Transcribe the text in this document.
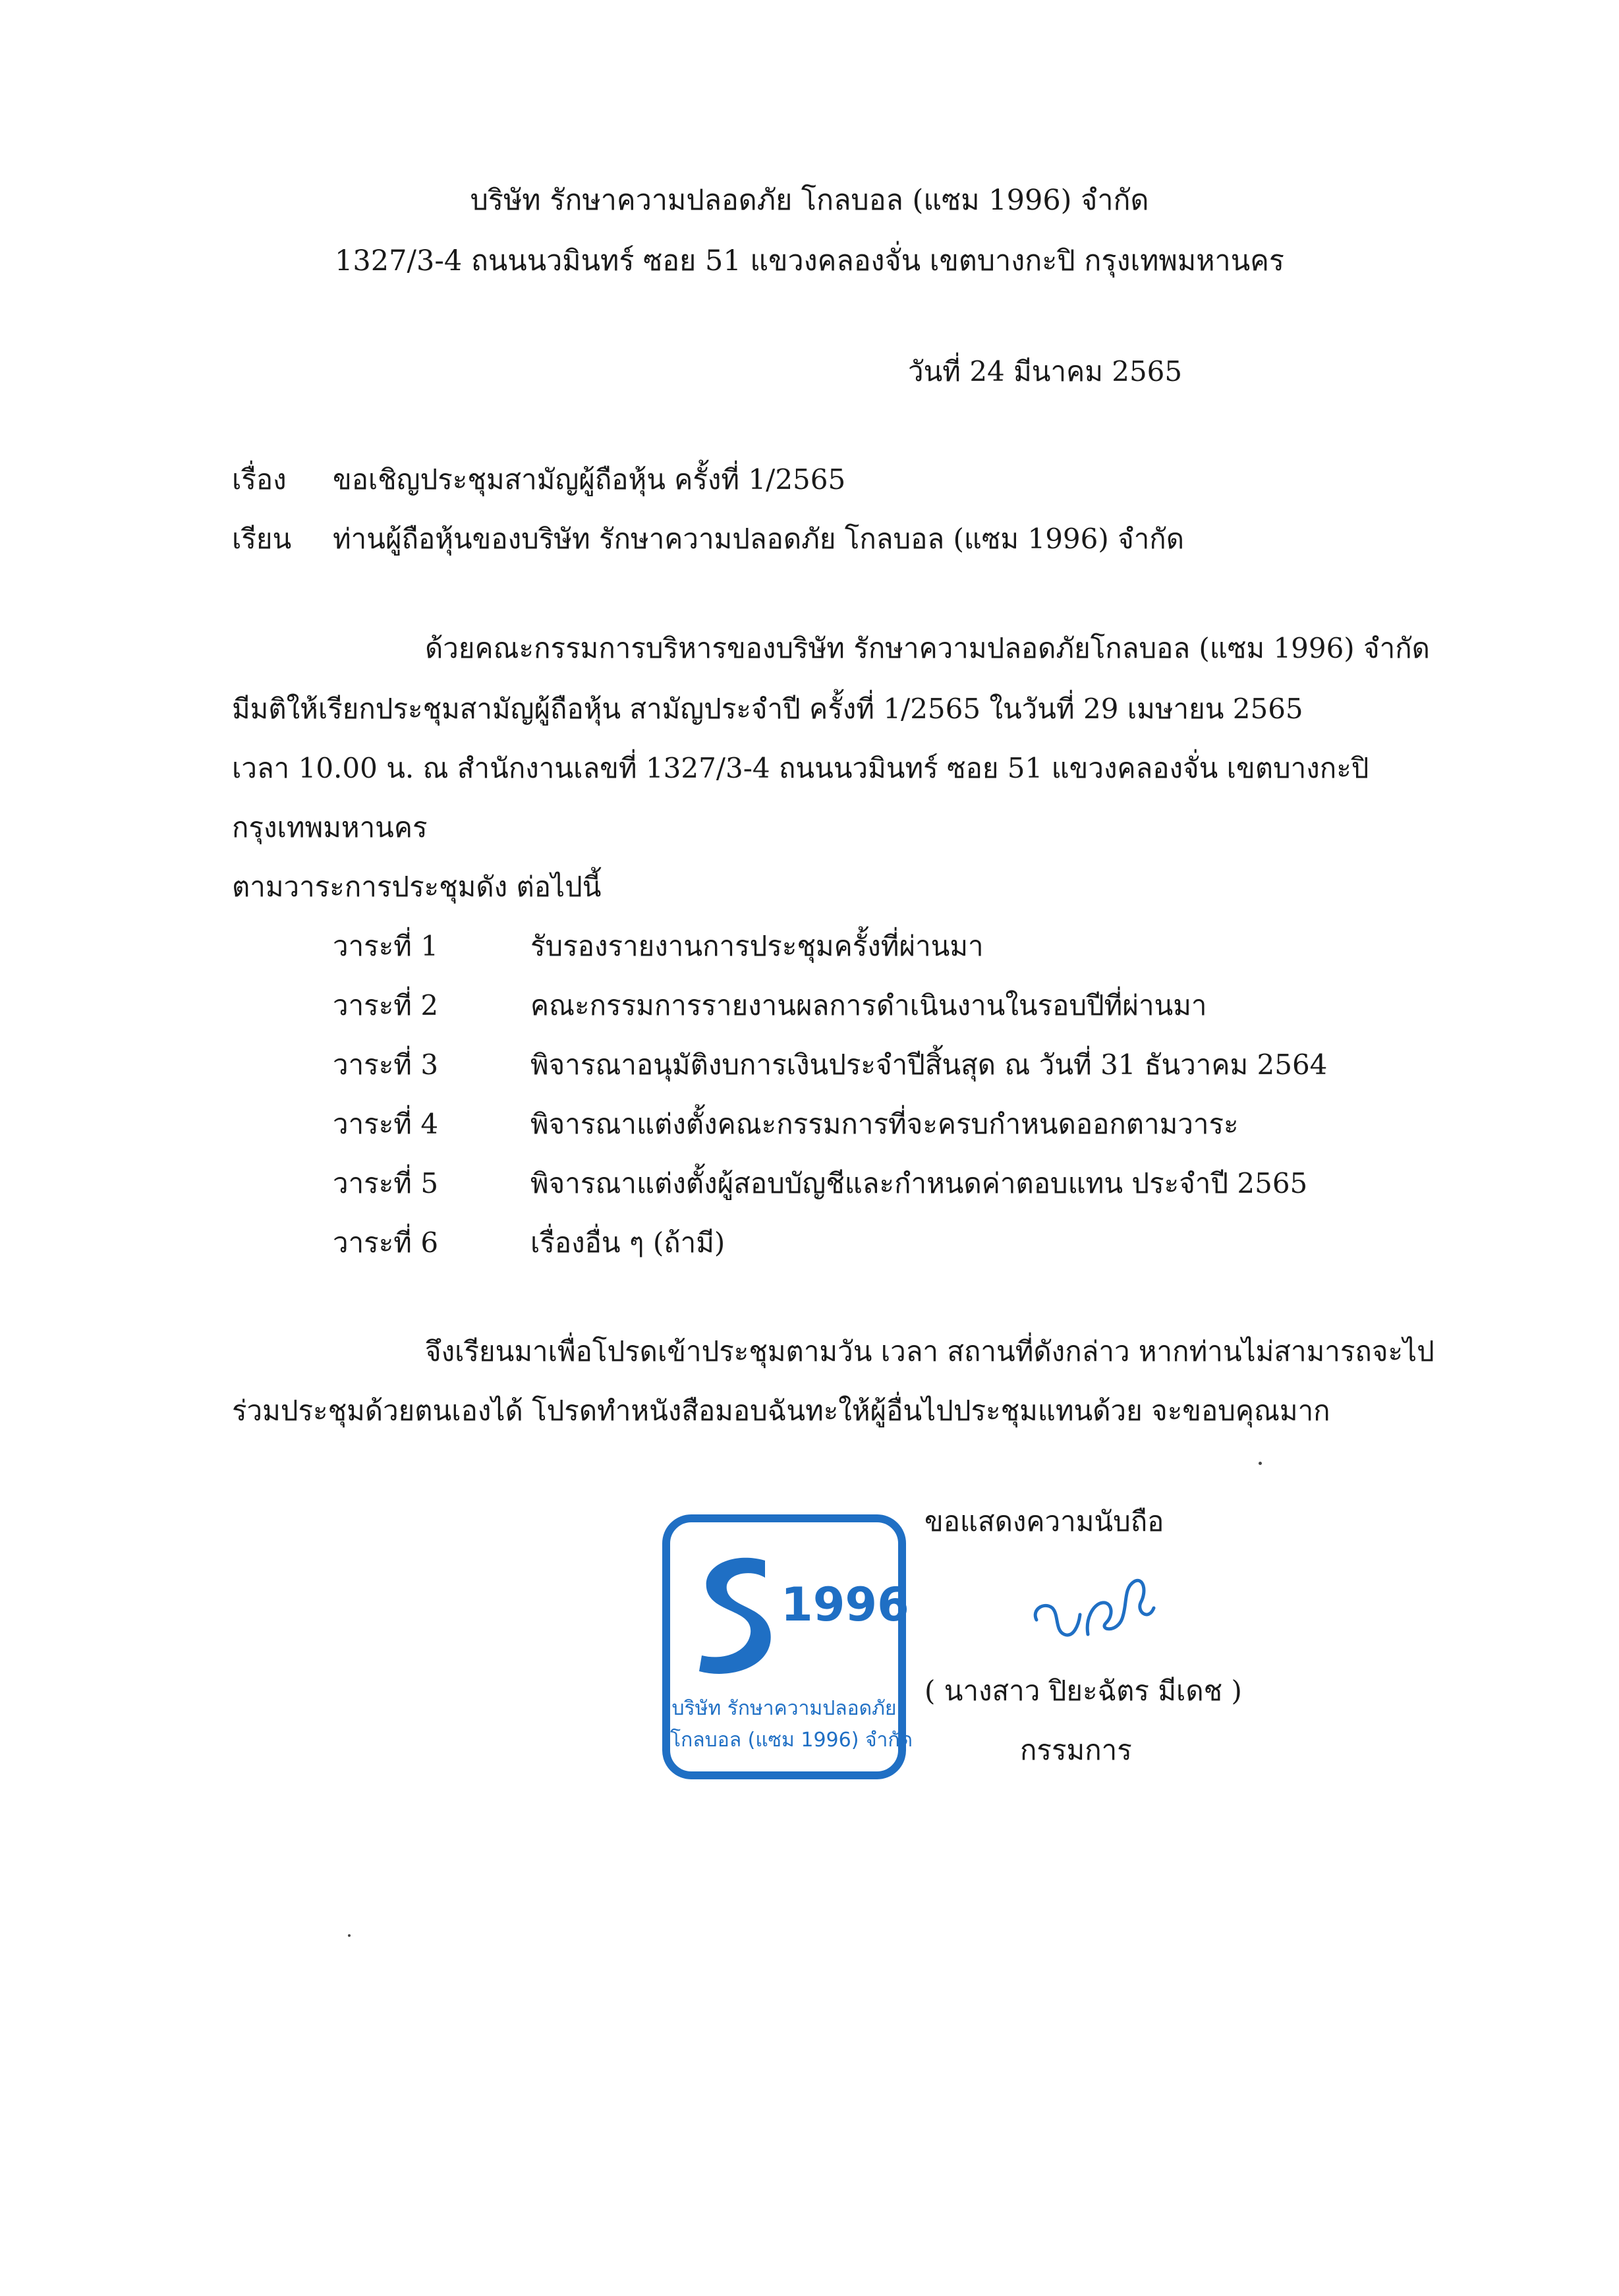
บริษัท รักษาความปลอดภัย โกลบอล (แซม 1996) จำกัด
1327/3-4 ถนนนวมินทร์ ซอย 51 แขวงคลองจั่น เขตบางกะปิ กรุงเทพมหานคร
วันที่ 24 มีนาคม 2565
เรื่อง ขอเชิญประชุมสามัญผู้ถือหุ้น ครั้งที่ 1/2565
เรียน ท่านผู้ถือหุ้นของบริษัท รักษาความปลอดภัย โกลบอล (แซม 1996) จำกัด
ด้วยคณะกรรมการบริหารของบริษัท รักษาความปลอดภัยโกลบอล (แซม 1996) จำกัด
มีมติให้เรียกประชุมสามัญผู้ถือหุ้น สามัญประจำปี ครั้งที่ 1/2565 ในวันที่ 29 เมษายน 2565
เวลา 10.00 น. ณ สำนักงานเลขที่ 1327/3-4 ถนนนวมินทร์ ซอย 51 แขวงคลองจั่น เขตบางกะปิ
กรุงเทพมหานคร
ตามวาระการประชุมดัง ต่อไปนี้
วาระที่ 1	รับรองรายงานการประชุมครั้งที่ผ่านมา
วาระที่ 2	คณะกรรมการรายงานผลการดำเนินงานในรอบปีที่ผ่านมา
วาระที่ 3	พิจารณาอนุมัติงบการเงินประจำปีสิ้นสุด ณ วันที่ 31 ธันวาคม 2564
วาระที่ 4	พิจารณาแต่งตั้งคณะกรรมการที่จะครบกำหนดออกตามวาระ
วาระที่ 5	พิจารณาแต่งตั้งผู้สอบบัญชีและกำหนดค่าตอบแทน ประจำปี 2565
วาระที่ 6	เรื่องอื่น ๆ (ถ้ามี)
จึงเรียนมาเพื่อโปรดเข้าประชุมตามวัน เวลา สถานที่ดังกล่าว หากท่านไม่สามารถจะไป
ร่วมประชุมด้วยตนเองได้ โปรดทำหนังสือมอบฉันทะให้ผู้อื่นไปประชุมแทนด้วย จะขอบคุณมาก
ขอแสดงความนับถือ
( นางสาว ปิยะฉัตร มีเดช )
กรรมการ
1996
บริษัท รักษาความปลอดภัย
โกลบอล (แซม 1996) จำกัด
